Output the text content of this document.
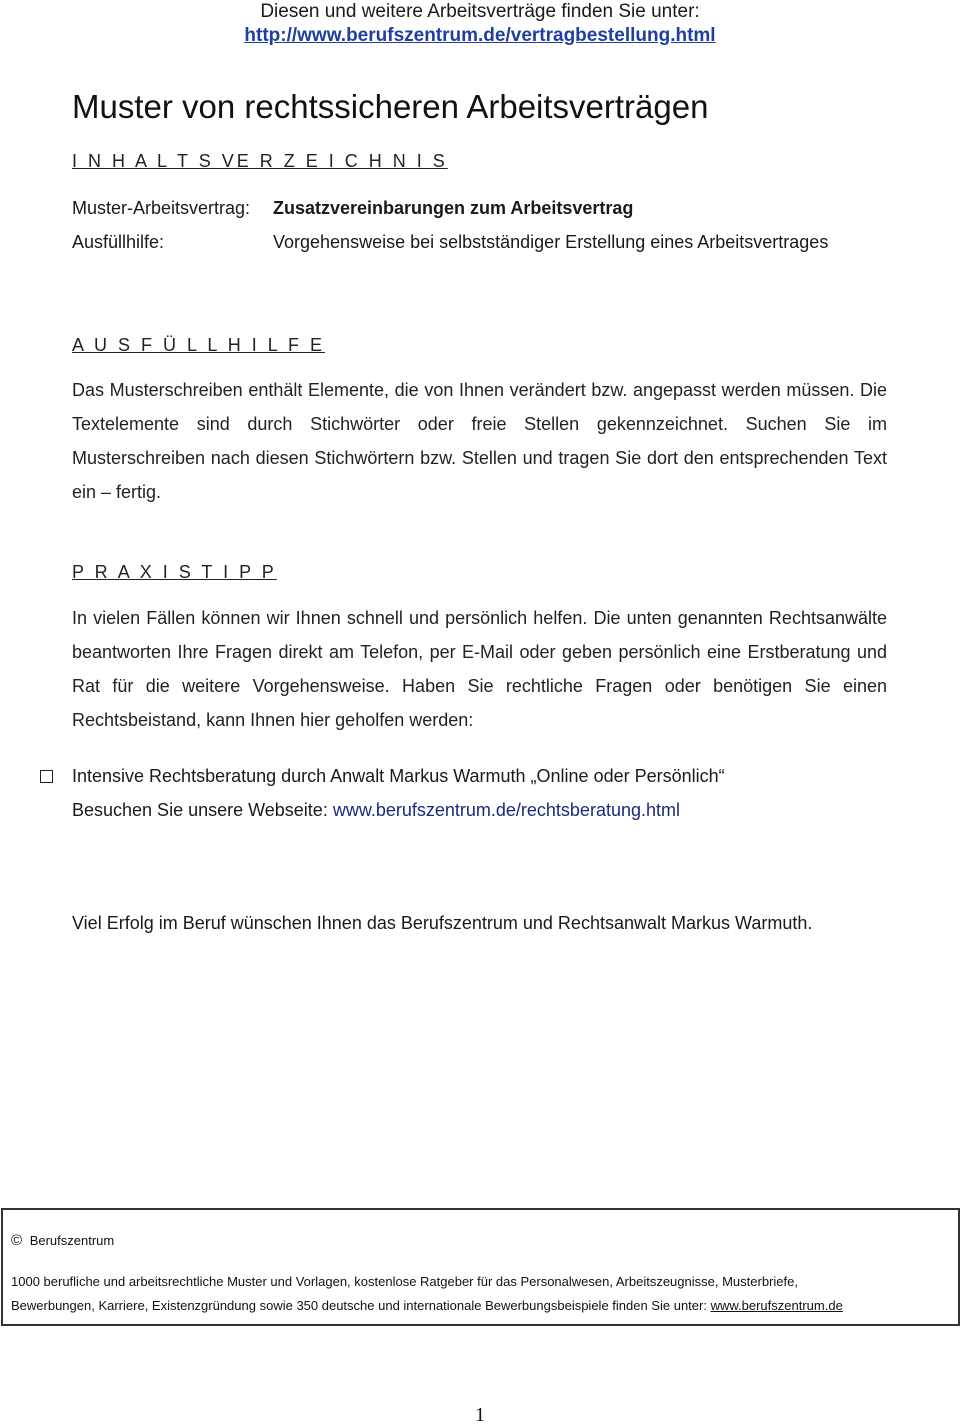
Diesen und weitere Arbeitsverträge finden Sie unter:
http://www.berufszentrum.de/vertragbestellung.html
Muster von rechtssicheren Arbeitsverträgen
I N H A L T S VE R Z E I C H N I S
Muster-Arbeitsvertrag: Zusatzvereinbarungen zum Arbeitsvertrag
Ausfüllhilfe:	Vorgehensweise bei selbstständiger Erstellung eines Arbeitsvertrages
A U S F Ü L L H I L F E
Das Musterschreiben enthält Elemente, die von Ihnen verändert bzw. angepasst werden müssen. Die Textelemente sind durch Stichwörter oder freie Stellen gekennzeichnet. Suchen Sie im Musterschreiben nach diesen Stichwörtern bzw. Stellen und tragen Sie dort den entsprechenden Text ein – fertig.
P R A X I S T I P P
In vielen Fällen können wir Ihnen schnell und persönlich helfen. Die unten genannten Rechtsanwälte beantworten Ihre Fragen direkt am Telefon, per E-Mail oder geben persönlich eine Erstberatung und Rat für die weitere Vorgehensweise. Haben Sie rechtliche Fragen oder benötigen Sie einen Rechtsbeistand, kann Ihnen hier geholfen werden:
Intensive Rechtsberatung durch Anwalt Markus Warmuth „Online oder Persönlich“
Besuchen Sie unsere Webseite: www.berufszentrum.de/rechtsberatung.html
Viel Erfolg im Beruf wünschen Ihnen das Berufszentrum und Rechtsanwalt Markus Warmuth.
© Berufszentrum
1000 berufliche und arbeitsrechtliche Muster und Vorlagen, kostenlose Ratgeber für das Personalwesen, Arbeitszeugnisse, Musterbriefe,
Bewerbungen, Karriere, Existenzgründung sowie 350 deutsche und internationale Bewerbungsbeispiele finden Sie unter: www.berufszentrum.de
1
